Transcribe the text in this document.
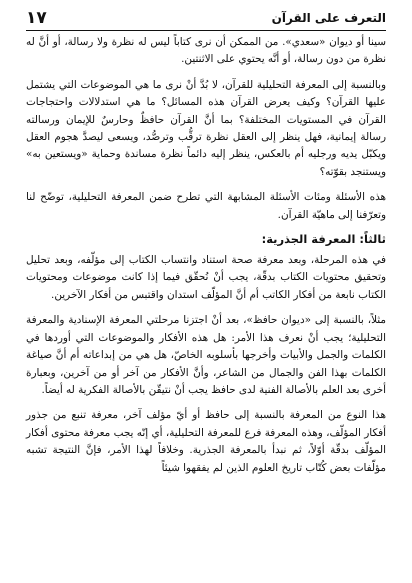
١٧	التعرف على القرآن

سينا أو ديوان «سعدي». من الممكن أن نرى كتاباً ليس له نظرة ولا رسالة، أو أنَّ له نظرة من دون رسالة، أو أنَّه يحتوي على الاثنتين.

وبالنسبة إلى المعرفة التحليلية للقرآن، لا بُدَّ أنْ نرى ما هي الموضوعات التي يشتمل عليها القرآن؟ وكيف يعرض القرآن هذه المسائل؟ ما هي استدلالات واحتجاجات القرآن في المستويات المختلفة؟ بما أنَّ القرآن حافظٌ وحارسٌ للإيمان ورسالته رسالة إيمانية، فهل ينظر إلى العقل نظرة ترقُّب وترصُّد، ويسعى ليصدَّ هجوم العقل ويكبّل يديه ورجليه أم بالعكس، ينظر إليه دائماً نظرة مساندة وحماية «ويستعين به» ويستنجد بقوّته؟

هذه الأسئلة ومئات الأسئلة المشابهة التي تطرح ضمن المعرفة التحليلية، توضّح لنا وتعرّفنا إلى ماهيّة القرآن.

ثالثاً: المعرفة الجذرية:

في هذه المرحلة، وبعد معرفة صحة استناد وانتساب الكتاب إلى مؤلّفه، وبعد تحليل وتحقيق محتويات الكتاب بدقّة، يجب أنْ نُحقّق فيما إذا كانت موضوعات ومحتويات الكتاب نابعة من أفكار الكاتب أم أنَّ المؤلّف استدان واقتبس من أفكار الآخرين.

مثلاً، بالنسبة إلى «ديوان حافظ»، بعد أنْ اجتزنا مرحلتي المعرفة الإسنادية والمعرفة التحليلية؛ يجب أنْ نعرف هذا الأمر: هل هذه الأفكار والموضوعات التي أوردها في الكلمات والجمل والأبيات وأخرجها بأسلوبه الخاصّ، هل هي من إبداعاته أم أنَّ صياغة الكلمات بهذا الفن والجمال من الشاعر، وأنَّ الأفكار من آخر أو من آخرين، وبعبارة أخرى بعد العلم بالأصالة الفنية لدى حافظ يجب أنْ نتيقّن بالأصالة الفكرية له أيضاً.

هذا النوع من المعرفة بالنسبة إلى حافظ أو أيّ مؤلف آخر، معرفة تنبع من جذور أفكار المؤلّف، وهذه المعرفة فرع للمعرفة التحليلية، أي إنّه يجب معرفة محتوى أفكار المؤلّف بدقّة أوّلاً، ثم نبدأ بالمعرفة الجذرية. وخلافاً لهذا الأمر، فإنَّ النتيجة تشبه مؤلّفات بعض كُتّاب تاريخ العلوم الذين لم يفقهوا شيئاً
